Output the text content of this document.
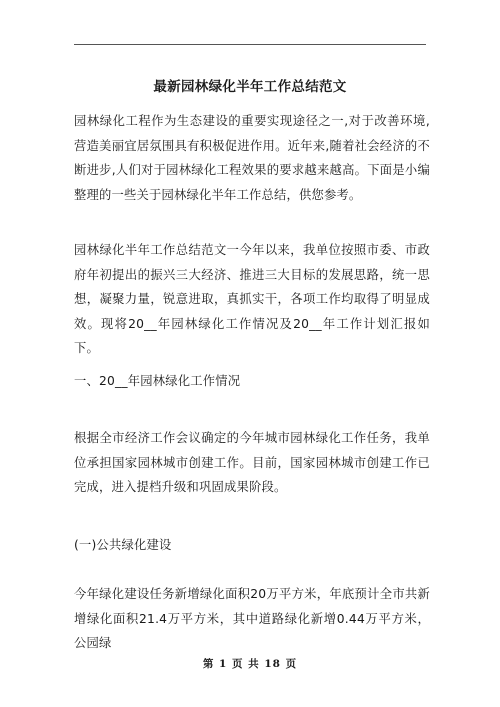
最新园林绿化半年工作总结范文

园林绿化工程作为生态建设的重要实现途径之一,对于改善环境,营造美丽宜居氛围具有积极促进作用。近年来,随着社会经济的不断进步,人们对于园林绿化工程效果的要求越来越高。下面是小编整理的一些关于园林绿化半年工作总结，供您参考。

园林绿化半年工作总结范文一今年以来，我单位按照市委、市政府年初提出的振兴三大经济、推进三大目标的发展思路，统一思想，凝聚力量，锐意进取，真抓实干，各项工作均取得了明显成效。现将20__年园林绿化工作情况及20__年工作计划汇报如下。

一、20__年园林绿化工作情况

根据全市经济工作会议确定的今年城市园林绿化工作任务，我单位承担国家园林城市创建工作。目前，国家园林城市创建工作已完成，进入提档升级和巩固成果阶段。

(一)公共绿化建设

今年绿化建设任务新增绿化面积20万平方米，年底预计全市共新增绿化面积21.4万平方米，其中道路绿化新增0.44万平方米，公园绿

第 1 页 共 18 页
